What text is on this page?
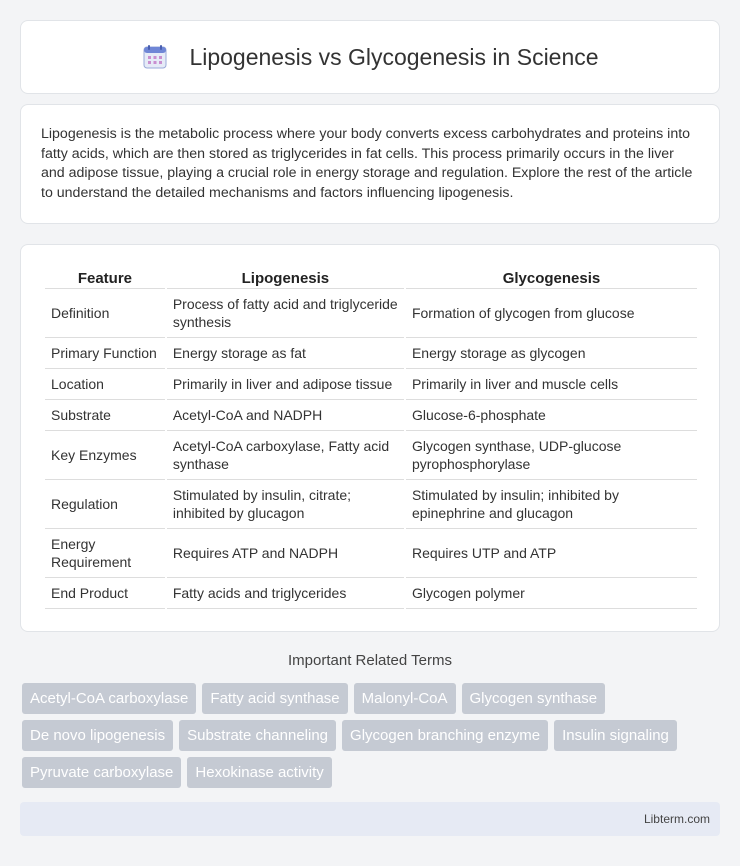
Lipogenesis vs Glycogenesis in Science

Lipogenesis is the metabolic process where your body converts excess carbohydrates and proteins into fatty acids, which are then stored as triglycerides in fat cells. This process primarily occurs in the liver and adipose tissue, playing a crucial role in energy storage and regulation. Explore the rest of the article to understand the detailed mechanisms and factors influencing lipogenesis.

Feature	Lipogenesis	Glycogenesis
Definition	Process of fatty acid and triglyceride synthesis	Formation of glycogen from glucose
Primary Function	Energy storage as fat	Energy storage as glycogen
Location	Primarily in liver and adipose tissue	Primarily in liver and muscle cells
Substrate	Acetyl-CoA and NADPH	Glucose-6-phosphate
Key Enzymes	Acetyl-CoA carboxylase, Fatty acid synthase	Glycogen synthase, UDP-glucose pyrophosphorylase
Regulation	Stimulated by insulin, citrate; inhibited by glucagon	Stimulated by insulin; inhibited by epinephrine and glucagon
Energy Requirement	Requires ATP and NADPH	Requires UTP and ATP
End Product	Fatty acids and triglycerides	Glycogen polymer
Important Related Terms
Acetyl-CoA carboxylase	Fatty acid synthase	Malonyl-CoA	Glycogen synthase
De novo lipogenesis	Substrate channeling	Glycogen branching enzyme	Insulin signaling
Pyruvate carboxylase	Hexokinase activity
Libterm.com
